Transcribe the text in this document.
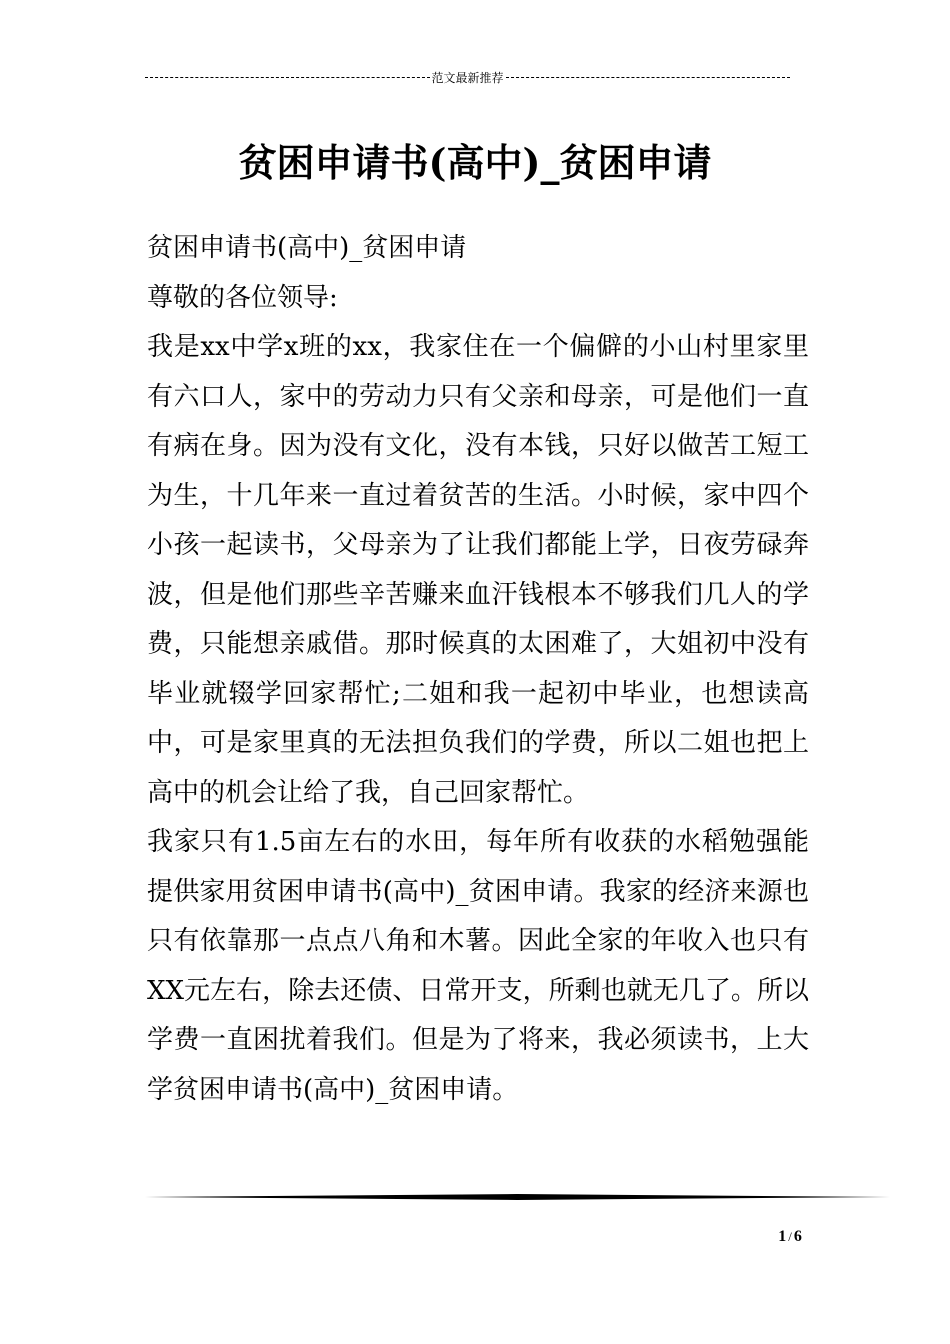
范文最新推荐
贫困申请书(高中)_贫困申请

贫困申请书(高中)_贫困申请

尊敬的各位领导:

我是xx中学x班的xx，我家住在一个偏僻的小山村里家里有六口人，家中的劳动力只有父亲和母亲，可是他们一直有病在身。因为没有文化，没有本钱，只好以做苦工短工为生，十几年来一直过着贫苦的生活。小时候，家中四个小孩一起读书，父母亲为了让我们都能上学，日夜劳碌奔波，但是他们那些辛苦赚来血汗钱根本不够我们几人的学费，只能想亲戚借。那时候真的太困难了，大姐初中没有毕业就辍学回家帮忙;二姐和我一起初中毕业，也想读高中，可是家里真的无法担负我们的学费，所以二姐也把上高中的机会让给了我，自己回家帮忙。

我家只有1.5亩左右的水田，每年所有收获的水稻勉强能提供家用贫困申请书(高中)_贫困申请。我家的经济来源也只有依靠那一点点八角和木薯。因此全家的年收入也只有XX元左右，除去还债、日常开支，所剩也就无几了。所以学费一直困扰着我们。但是为了将来，我必须读书，上大学贫困申请书(高中)_贫困申请。

1 / 6
